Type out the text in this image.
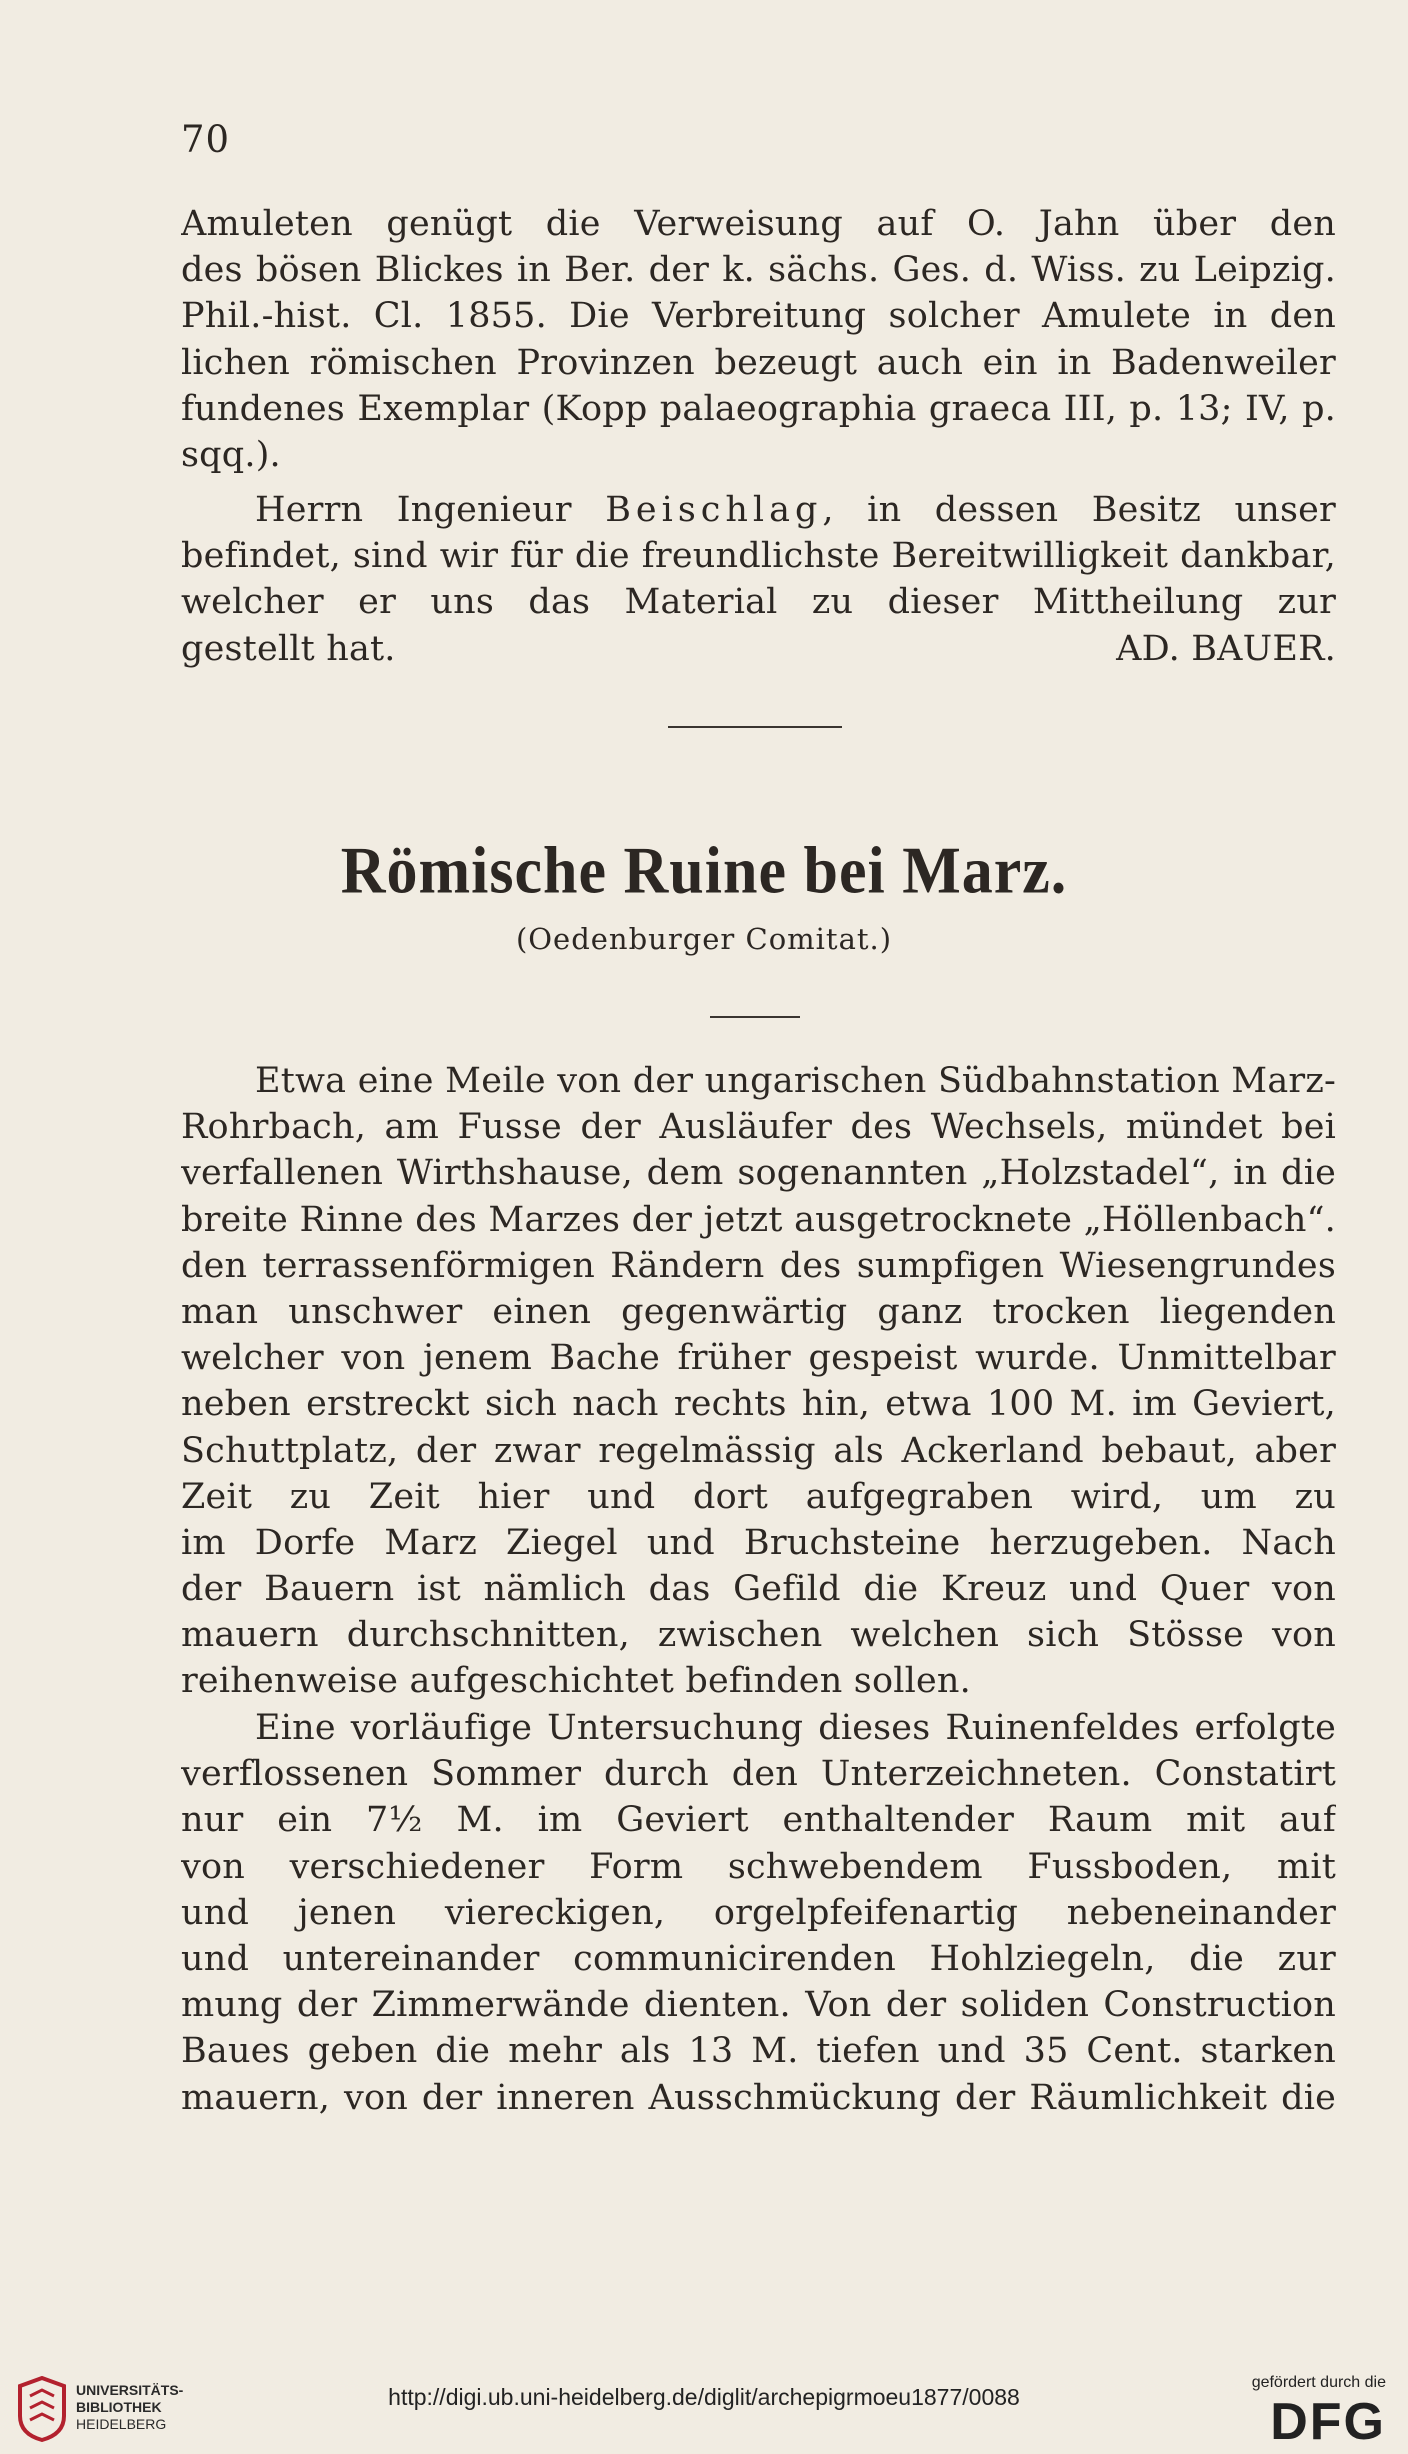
70
Amuleten genügt die Verweisung auf O. Jahn über den
des bösen Blickes in Ber. der k. sächs. Ges. d. Wiss. zu Leipzig.
Phil.-hist. Cl. 1855. Die Verbreitung solcher Amulete in den
lichen römischen Provinzen bezeugt auch ein in Badenweiler
fundenes Exemplar (Kopp palaeographia graeca III, p. 13; IV, p.
sqq.).
Herrn Ingenieur Beischlag, in dessen Besitz unser
befindet, sind wir für die freundlichste Bereitwilligkeit dankbar,
welcher er uns das Material zu dieser Mittheilung zur
gestellt hat.	AD. BAUER.
Römische Ruine bei Marz.
(Oedenburger Comitat.)
Etwa eine Meile von der ungarischen Südbahnstation Marz-
Rohrbach, am Fusse der Ausläufer des Wechsels, mündet bei
verfallenen Wirthshause, dem sogenannten „Holzstadel“, in die
breite Rinne des Marzes der jetzt ausgetrocknete „Höllenbach“.
den terrassenförmigen Rändern des sumpfigen Wiesengrundes
man unschwer einen gegenwärtig ganz trocken liegenden
welcher von jenem Bache früher gespeist wurde. Unmittelbar
neben erstreckt sich nach rechts hin, etwa 100 M. im Geviert,
Schuttplatz, der zwar regelmässig als Ackerland bebaut, aber
Zeit zu Zeit hier und dort aufgegraben wird, um zu
im Dorfe Marz Ziegel und Bruchsteine herzugeben. Nach
der Bauern ist nämlich das Gefild die Kreuz und Quer von
mauern durchschnitten, zwischen welchen sich Stösse von
reihenweise aufgeschichtet befinden sollen.
Eine vorläufige Untersuchung dieses Ruinenfeldes erfolgte
verflossenen Sommer durch den Unterzeichneten. Constatirt
nur ein 7½ M. im Geviert enthaltender Raum mit auf
von verschiedener Form schwebendem Fussboden, mit
und jenen viereckigen, orgelpfeifenartig nebeneinander
und untereinander communicirenden Hohlziegeln, die zur
mung der Zimmerwände dienten. Von der soliden Construction
Baues geben die mehr als 13 M. tiefen und 35 Cent. starken
mauern, von der inneren Ausschmückung der Räumlichkeit die
UNIVERSITÄTS-
BIBLIOTHEK
HEIDELBERG
http://digi.ub.uni-heidelberg.de/diglit/archepigrmoeu1877/0088
gefördert durch die
DFG
